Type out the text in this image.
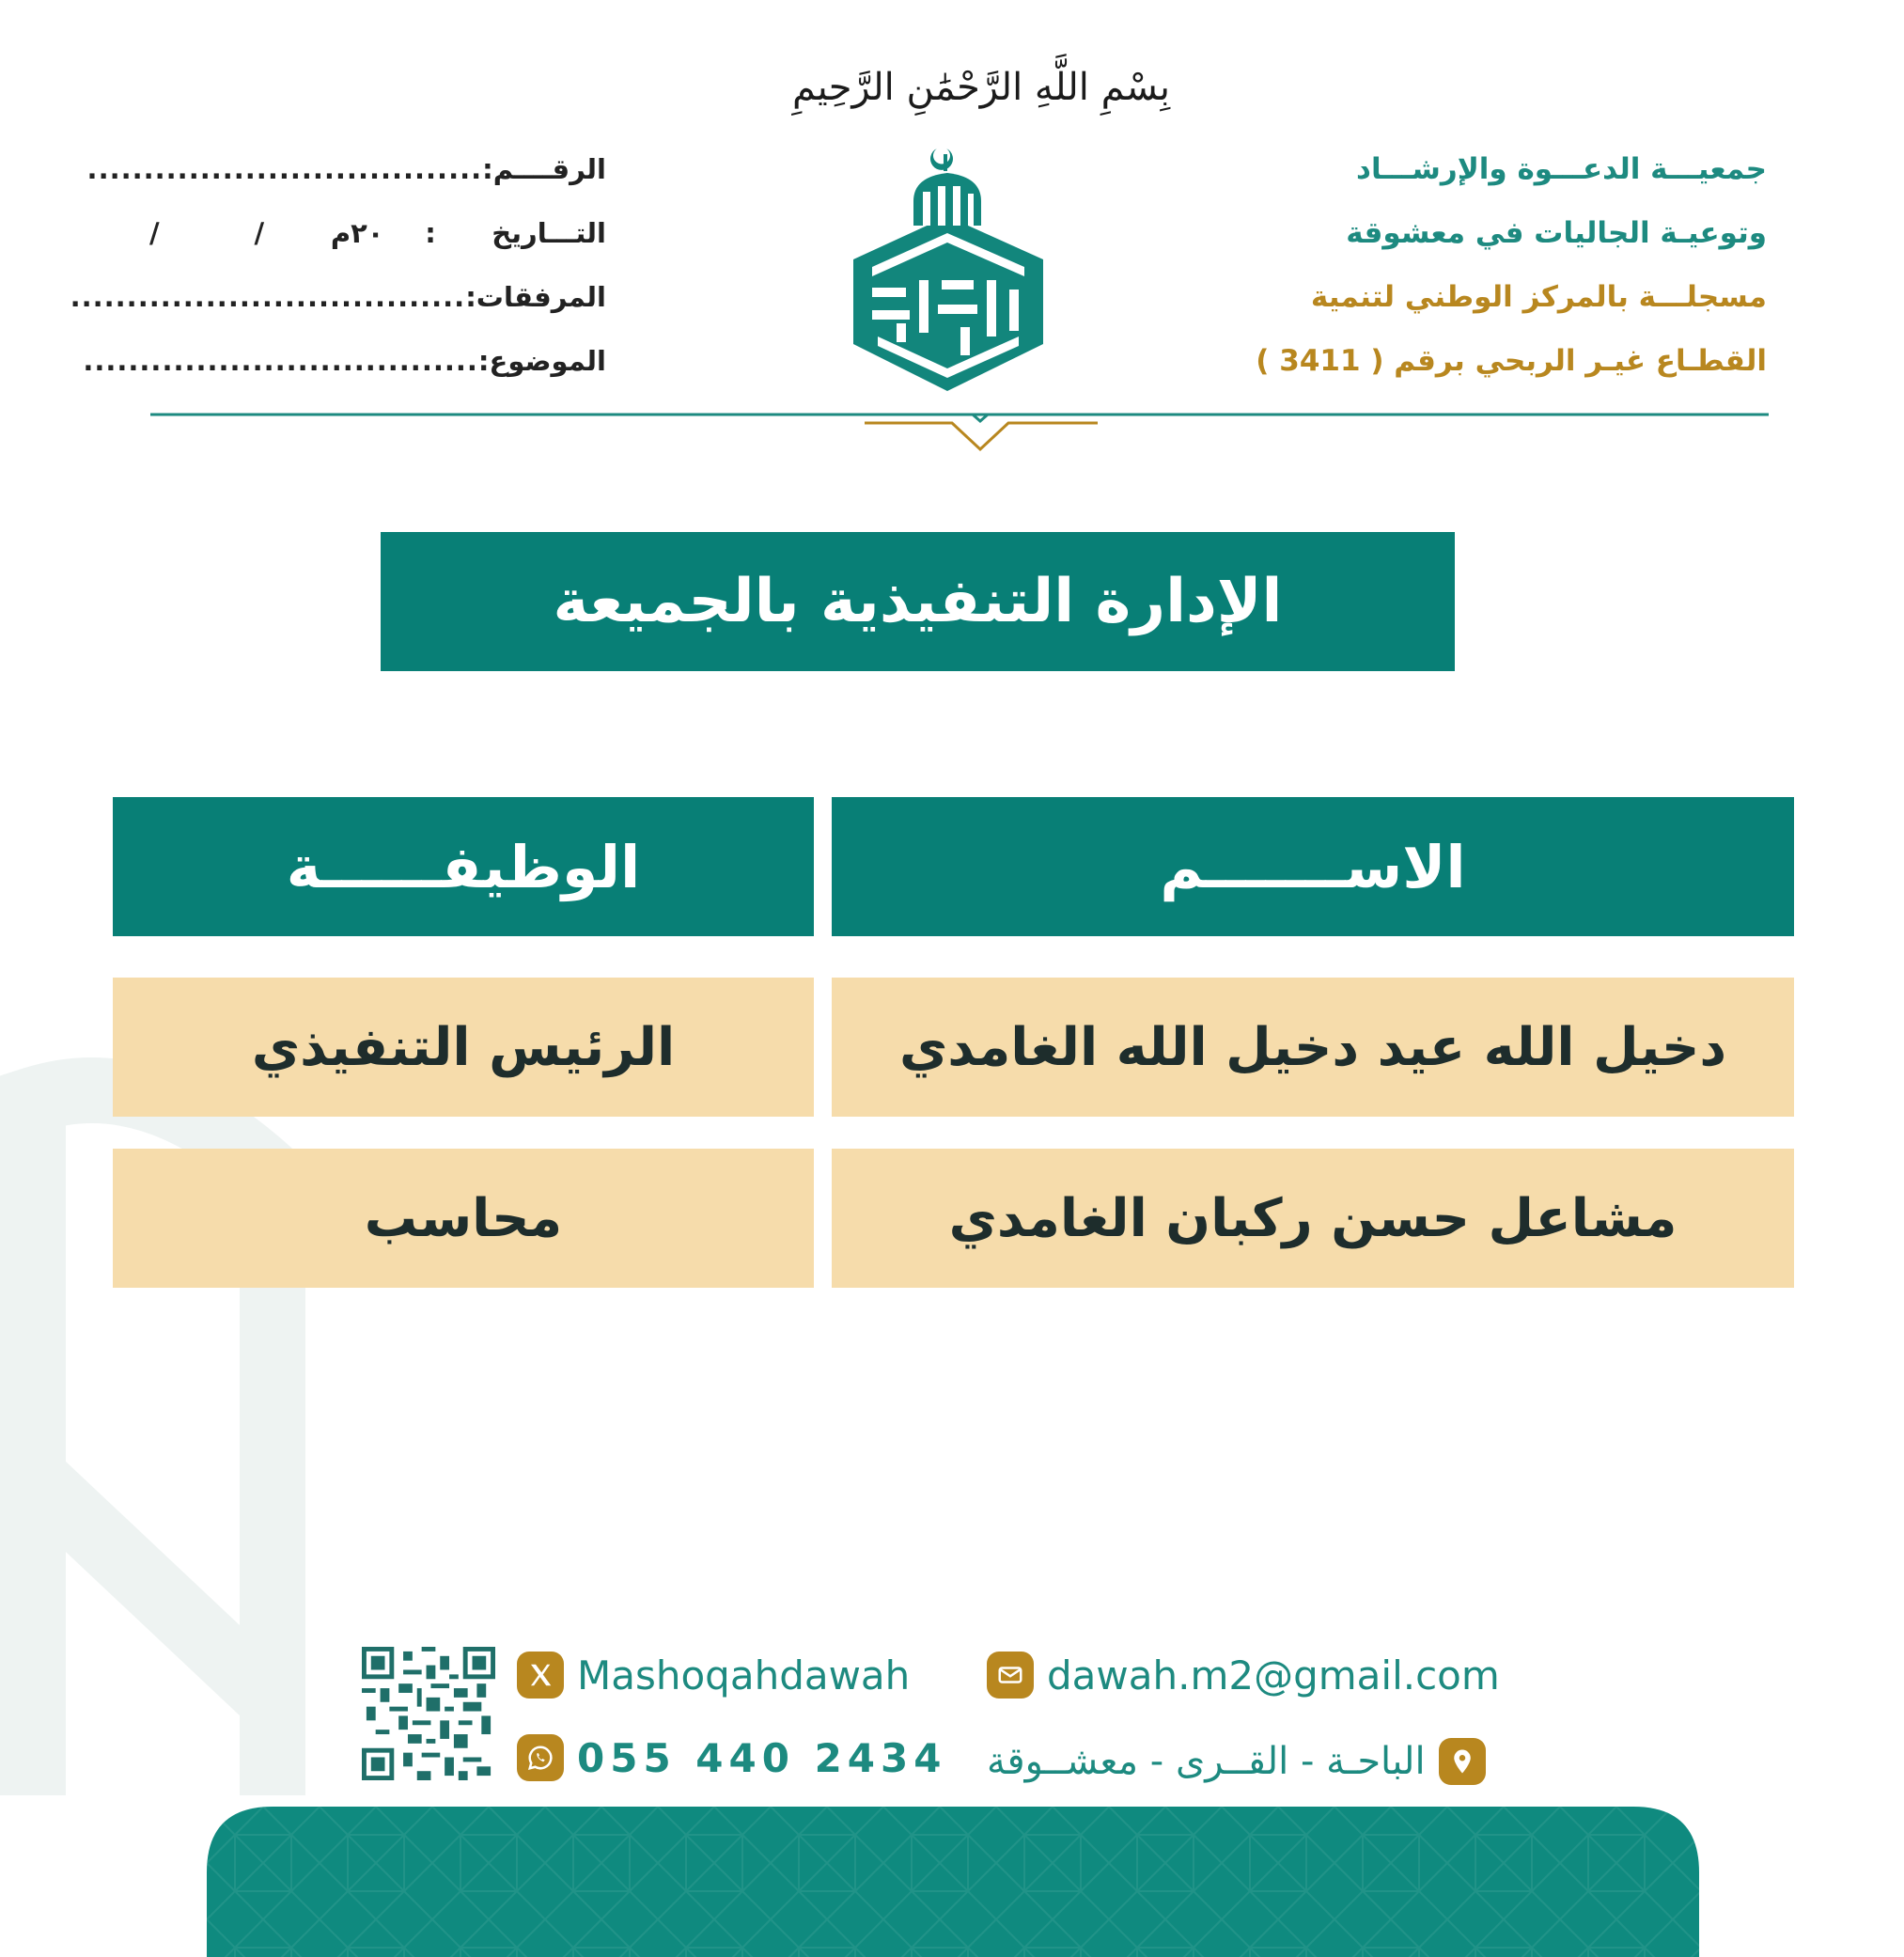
بِسْمِ اللَّهِ الرَّحْمَٰنِ الرَّحِيمِ
جمعيـــة الدعـــوة والإرشـــاد
وتوعيـة الجاليات في معشوقة
مسجلـــة بالمركز الوطني لتنمية
القطـاع غيـر الربحي برقم ( 3411 )
الرقــــم
:
...................................
التـــاريخ
:
/          /       ٢٠م
المرفقات
:
...................................
الموضوع
:
...................................
الإدارة التنفيذية بالجميعة
الاســـــــم
الوظيفــــــة
دخيل الله عيد دخيل الله الغامدي
الرئيس التنفيذي
مشاعل حسن ركبان الغامدي
محاسب
Mashoqahdawah	dawah.m2@gmail.com
055 440 2434 الباحـة - القــرى - معشــوقة
